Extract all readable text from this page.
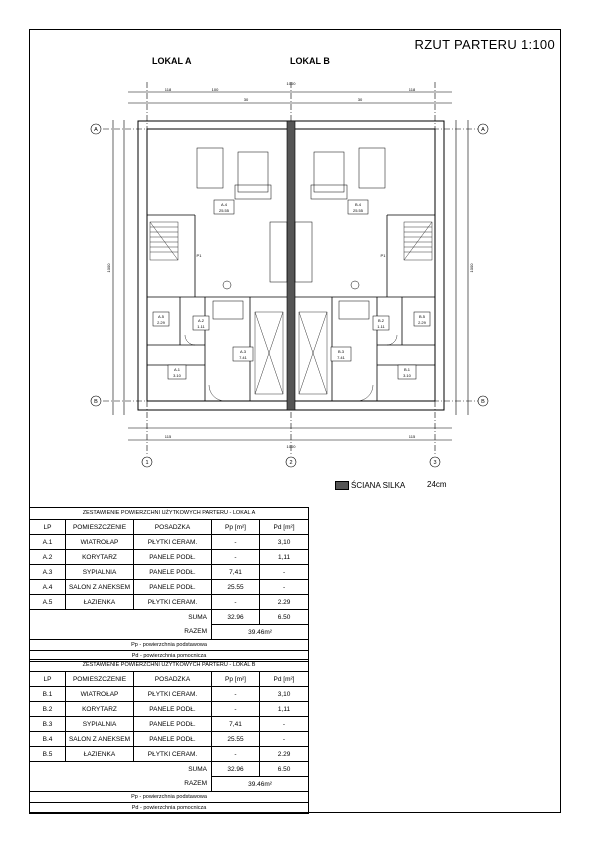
RZUT PARTERU 1:100
LOKAL A	LOKAL B
118	100
30	30
118
1000
115	115
1000
1000	1000
A	A
B	B
1	2	3
A.4
25.55
B.4
25.55
A.3
7.41
B.3
7.41
A.1
3.10
B.1
3.10
A.5
2.29
B.5
2.29
A.2
1.11
B.2
1.11
P1	P1
ŚCIANA SILKA	24cm
ZESTAWIENIE POWIERZCHNI UŻYTKOWYCH PARTERU - LOKAL A				
LP	POMIESZCZENIE	POSADZKA	Pp [m²]	Pd [m²]
A.1	WIATROŁAP	PŁYTKI CERAM.	-	3,10
A.2	KORYTARZ	PANELE PODŁ.	-	1,11
A.3	SYPIALNIA	PANELE PODŁ.	7,41	-
A.4	SALON Z ANEKSEM	PANELE PODŁ.	25.55	-
A.5	ŁAZIENKA	PŁYTKI CERAM.	-	2.29
SUMA			32.96	6.50
RAZEM			39.46m²	
Pp - powierzchnia podstawowa				
Pd - powierzchnia pomocnicza				
ZESTAWIENIE POWIERZCHNI UŻYTKOWYCH PARTERU - LOKAL B				
LP	POMIESZCZENIE	POSADZKA	Pp [m²]	Pd [m²]
B.1	WIATROŁAP	PŁYTKI CERAM.	-	3,10
B.2	KORYTARZ	PANELE PODŁ.	-	1,11
B.3	SYPIALNIA	PANELE PODŁ.	7,41	-
B.4	SALON Z ANEKSEM	PANELE PODŁ.	25.55	-
B.5	ŁAZIENKA	PŁYTKI CERAM.	-	2.29
SUMA			32.96	6.50
RAZEM			39.46m²	
Pp - powierzchnia podstawowa				
Pd - powierzchnia pomocnicza				
